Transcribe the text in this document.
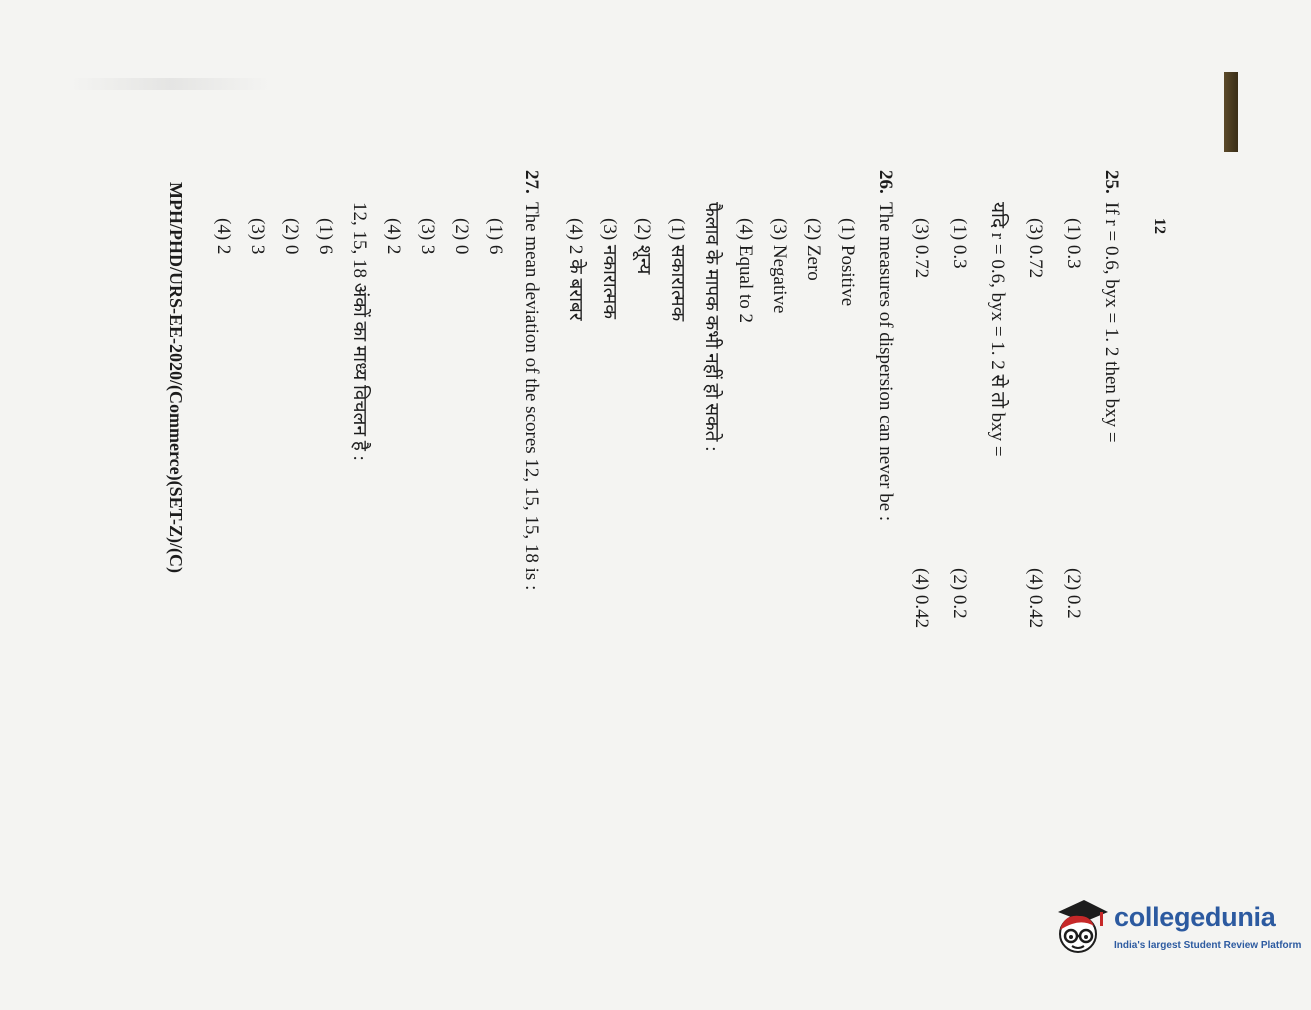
12
25.
If r = 0.6, byx = 1. 2 then bxy =
(1) 0.3
(2) 0.2
(3) 0.72
(4) 0.42
यदि r = 0.6, byx = 1. 2 से तो bxy =
(1) 0.3
(2) 0.2
(3) 0.72
(4) 0.42
26.
The measures of dispersion can never be :
(1) Positive
(2) Zero
(3) Negative
(4) Equal to 2
फैलाव के मापक कभी नहीं हो सकते :
(1) सकारात्मक
(2) शून्य
(3) नकारात्मक
(4) 2 के बराबर
27.
The mean deviation of the scores 12, 15, 15, 18 is :
(1) 6
(2) 0
(3) 3
(4) 2
12, 15, 18 अंकों का माध्य विचलन है :
(1) 6
(2) 0
(3) 3
(4) 2
MPH/PHD/URS-EE-2020/(Commerce)(SET-Z)/(C)
collegedunia
India's largest Student Review Platform
